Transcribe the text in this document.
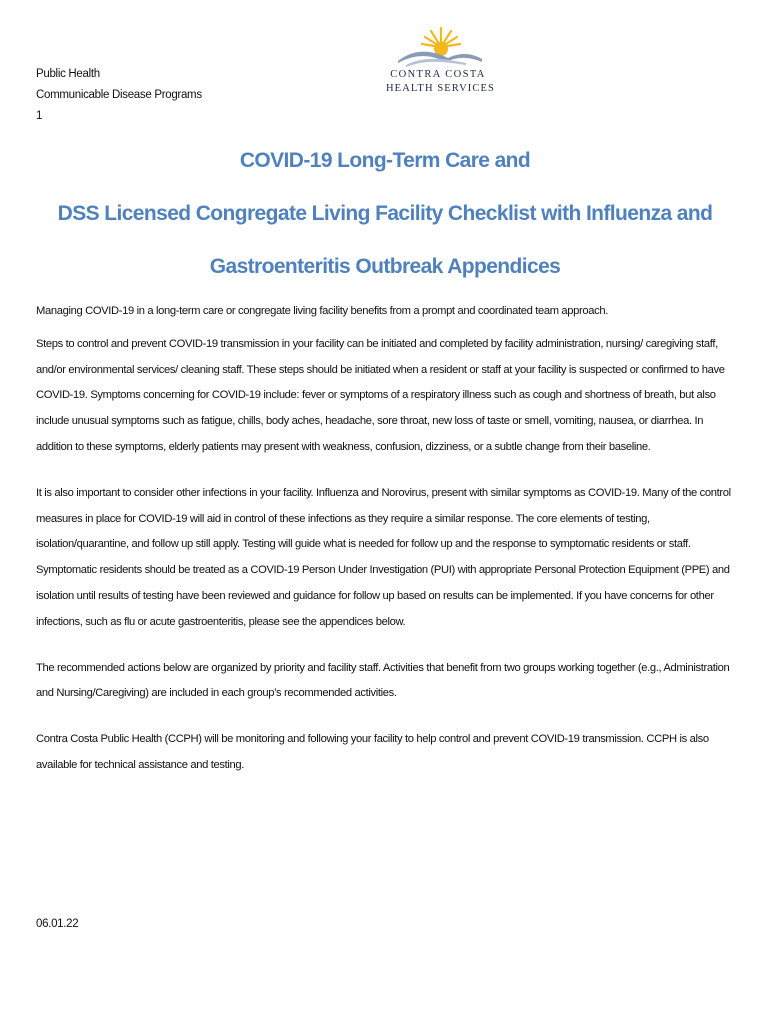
Public Health
Communicable Disease Programs
1
CONTRA COSTA
HEALTH SERVICES
COVID-19 Long-Term Care and
DSS Licensed Congregate Living Facility Checklist with Influenza and
Gastroenteritis Outbreak Appendices

Managing COVID-19 in a long-term care or congregate living facility benefits from a prompt and coordinated team approach.

Steps to control and prevent COVID-19 transmission in your facility can be initiated and completed by facility administration, nursing/ caregiving staff, and/or environmental services/ cleaning staff. These steps should be initiated when a resident or staff at your facility is suspected or confirmed to have COVID-19. Symptoms concerning for COVID-19 include: fever or symptoms of a respiratory illness such as cough and shortness of breath, but also include unusual symptoms such as fatigue, chills, body aches, headache, sore throat, new loss of taste or smell, vomiting, nausea, or diarrhea. In addition to these symptoms, elderly patients may present with weakness, confusion, dizziness, or a subtle change from their baseline.

It is also important to consider other infections in your facility. Influenza and Norovirus, present with similar symptoms as COVID-19. Many of the control measures in place for COVID-19 will aid in control of these infections as they require a similar response. The core elements of testing, isolation/quarantine, and follow up still apply. Testing will guide what is needed for follow up and the response to symptomatic residents or staff. Symptomatic residents should be treated as a COVID-19 Person Under Investigation (PUI) with appropriate Personal Protection Equipment (PPE) and isolation until results of testing have been reviewed and guidance for follow up based on results can be implemented. If you have concerns for other infections, such as flu or acute gastroenteritis, please see the appendices below.

The recommended actions below are organized by priority and facility staff. Activities that benefit from two groups working together (e.g., Administration and Nursing/Caregiving) are included in each group’s recommended activities.

Contra Costa Public Health (CCPH) will be monitoring and following your facility to help control and prevent COVID-19 transmission. CCPH is also available for technical assistance and testing.

06.01.22
